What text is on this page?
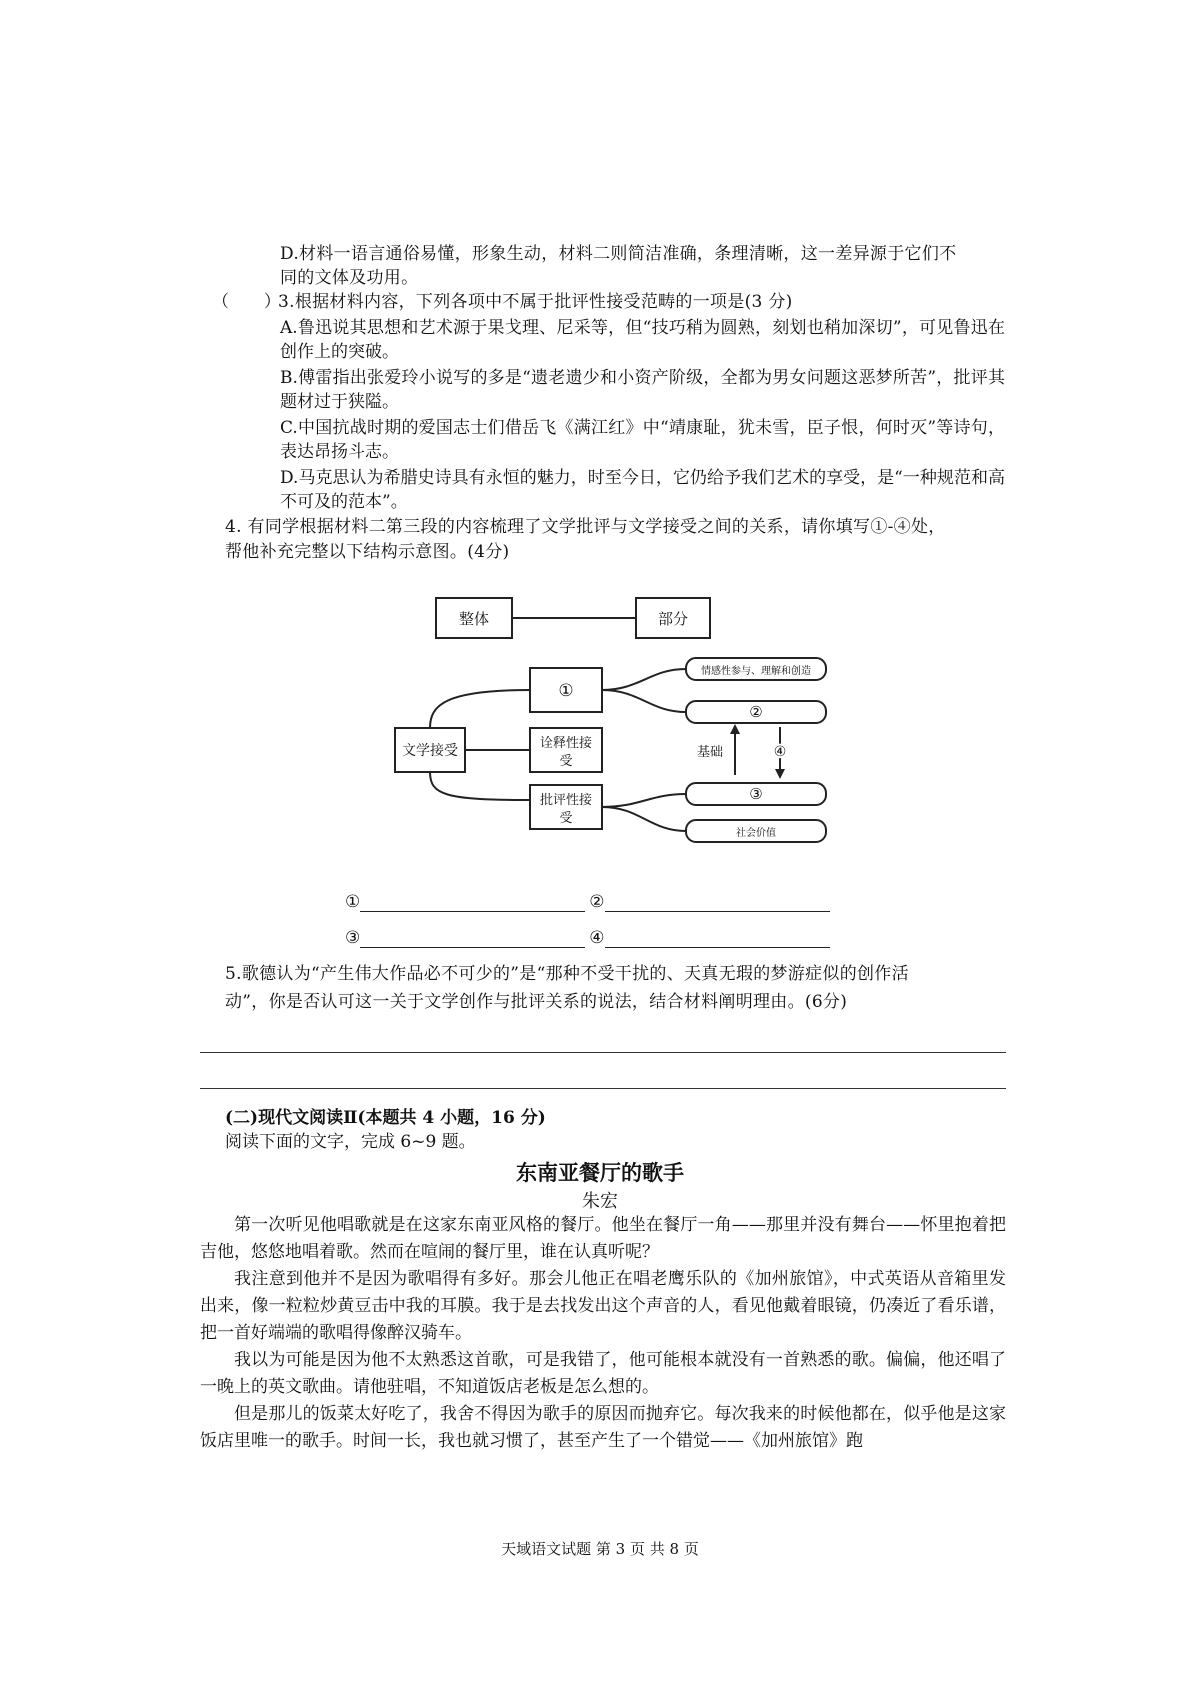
D.材料一语言通俗易懂，形象生动，材料二则简洁准确，条理清晰，这一差异源于它们不
同的文体及功用。
（　　）
3.根据材料内容，下列各项中不属于批评性接受范畴的一项是(3 分)
A.鲁迅说其思想和艺术源于果戈理、尼采等，但“技巧稍为圆熟，刻划也稍加深切”，可见鲁迅在创作上的突破。
B.傅雷指出张爱玲小说写的多是“遗老遗少和小资产阶级，全都为男女问题这恶梦所苦”，批评其题材过于狭隘。
C.中国抗战时期的爱国志士们借岳飞《满江红》中“靖康耻，犹未雪，臣子恨，何时灭”等诗句，表达昂扬斗志。
D.马克思认为希腊史诗具有永恒的魅力，时至今日，它仍给予我们艺术的享受，是“一种规范和高不可及的范本”。
4. 有同学根据材料二第三段的内容梳理了文学批评与文学接受之间的关系，请你填写①-④处，
帮他补充完整以下结构示意图。(4分)
整体	部分
文学接受
①
诠释性接
受
批评性接
受
情感性参与、理解和创造
②
③
社会价值
基础	④
①	②
③	④
5.歌德认为“产生伟大作品必不可少的”是“那种不受干扰的、天真无瑕的梦游症似的创作活
动”，你是否认可这一关于文学创作与批评关系的说法，结合材料阐明理由。(6分)
(二)现代文阅读Ⅱ(本题共 4 小题，16 分)
阅读下面的文字，完成 6~9 题。
东南亚餐厅的歌手
朱宏
第一次听见他唱歌就是在这家东南亚风格的餐厅。他坐在餐厅一角——那里并没有舞台——怀里抱着把吉他，悠悠地唱着歌。然而在喧闹的餐厅里，谁在认真听呢？
我注意到他并不是因为歌唱得有多好。那会儿他正在唱老鹰乐队的《加州旅馆》，中式英语从音箱里发出来，像一粒粒炒黄豆击中我的耳膜。我于是去找发出这个声音的人，看见他戴着眼镜，仍凑近了看乐谱，把一首好端端的歌唱得像醉汉骑车。
我以为可能是因为他不太熟悉这首歌，可是我错了，他可能根本就没有一首熟悉的歌。偏偏，他还唱了一晚上的英文歌曲。请他驻唱，不知道饭店老板是怎么想的。
但是那儿的饭菜太好吃了，我舍不得因为歌手的原因而抛弃它。每次我来的时候他都在，似乎他是这家饭店里唯一的歌手。时间一长，我也就习惯了，甚至产生了一个错觉——《加州旅馆》跑
天域语文试题 第 3 页 共 8 页
